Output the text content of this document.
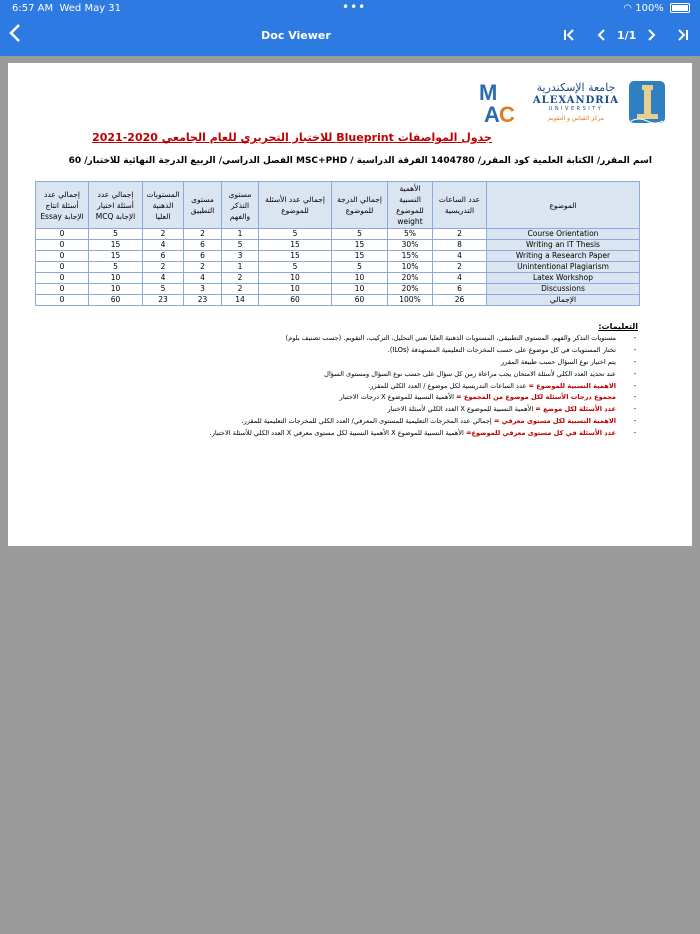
6:57 AM Wed May 31	•••	◠ 100%
Doc Viewer	1/1
M
A C
جامعة الإسكندرية
ALEXANDRIA
UNIVERSITY
مركز القياس و التقويم
جدول المواصفات Blueprint للاختبار التحريري للعام الجامعي 2020-2021
اسم المقرر/ الكتابة العلمية كود المقرر/ 1404780 الفرقة الدراسية / MSC+PHD الفصل الدراسي/ الربيع الدرجة النهائية للاختبار/ 60
الموضوع	عدد الساعات التدريسية	الأهمية النسبية للموضوع weight	إجمالي الدرجة للموضوع	إجمالي عدد الأسئلة للموضوع	مستوى التذكر والفهم	مستوى التطبيق	المستويات الذهنية العليا	إجمالي عدد أسئلة اختيار الإجابة MCQ	إجمالي عدد أسئلة انتاج الإجابة Essay
Course Orientation	2	5%	5	5	1	2	2	5	0
Writing an IT Thesis	8	30%	15	15	5	6	4	15	0
Writing a Research Paper	4	15%	15	15	3	6	6	15	0
Unintentional Plagiarism	2	10%	5	5	1	2	2	5	0
Latex Workshop	4	20%	10	10	2	4	4	10	0
Discussions	6	20%	10	10	2	3	5	10	0
الإجمالي	26	100%	60	60	14	23	23	60	0
التعليمات:
- مستويات التذكر والفهم، المستوى التطبيقي، المستويات الذهنية العليا تعني التحليل، التركيب، التقويم. (حسب تصنيف بلوم)
- تختار المستويات في كل موضوع على حسب المخرجات التعليمية المستهدفة (ILOs).
- يتم اختيار نوع السؤال حسب طبيعة المقرر
- عند تحديد العدد الكلي لأسئلة الامتحان يجب مراعاة زمن كل سؤال على حسب نوع السؤال ومستوى السؤال
- الاهمية النسبية للموضوع = عدد الساعات التدريسية لكل موضوع / العدد الكلي للمقرر.
- مجموع درجات الأسئلة لكل موضوع من المجموع = الأهمية النسبية للموضوع X درجات الاختبار
- عدد الأسئلة لكل موضع = الأهمية النسبية للموضوع X العدد الكلي لأسئلة الاختبار
- الاهمية النسبية لكل مستوى معرفي = إجمالي عدد المخرجات التعليمية للمستوى المعرفي/ العدد الكلي للمخرجات التعليمية للمقرر.
- عدد الأسئلة في كل مستوى معرفي للموضوع= الأهمية النسبية للموضوع X الأهمية النسبية لكل مستوى معرفي X العدد الكلي للأسئلة الاختبار.
